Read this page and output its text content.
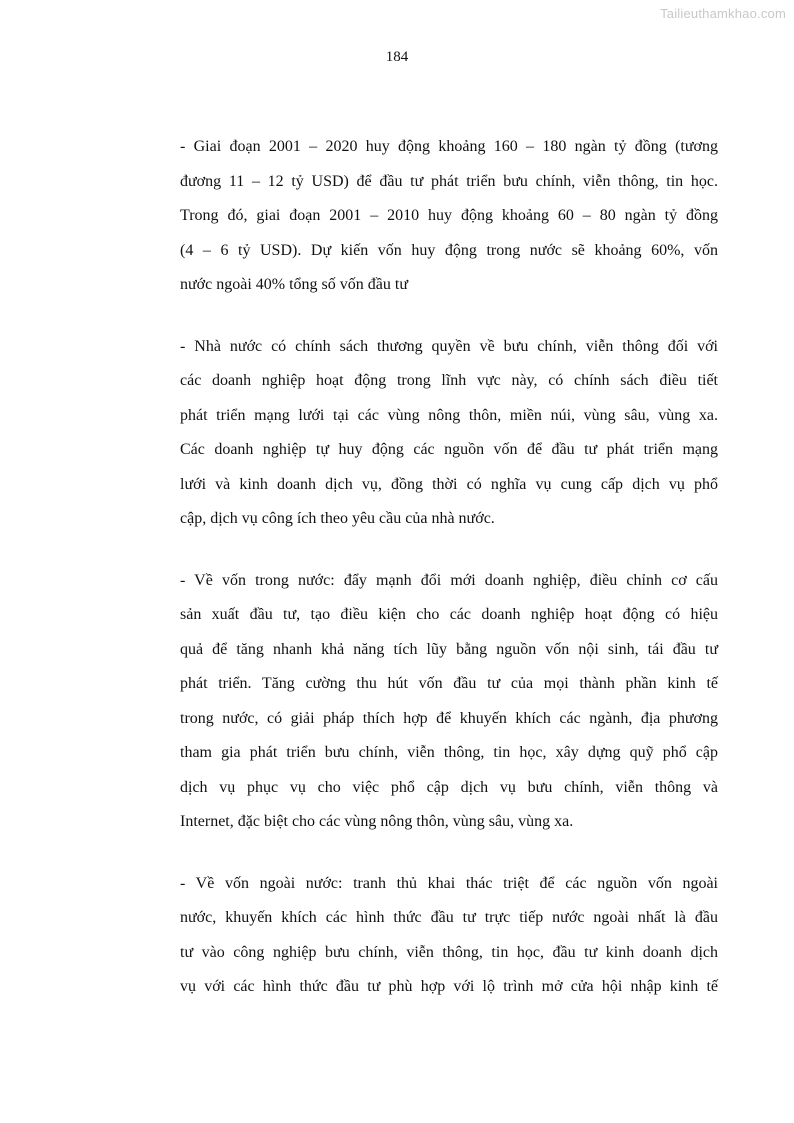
Tailieuthamkhao.com
184

- Giai đoạn 2001 – 2020 huy động khoảng 160 – 180 ngàn tỷ đồng (tương
đương 11 – 12 tỷ USD) để đầu tư phát triển bưu chính, viễn thông, tin học.
Trong đó, giai đoạn 2001 – 2010 huy động khoảng 60 – 80 ngàn tỷ đồng
(4 – 6 tỷ USD). Dự kiến vốn huy động trong nước sẽ khoảng 60%, vốn
nước ngoài 40% tổng số vốn đầu tư

- Nhà nước có chính sách thương quyền về bưu chính, viễn thông đối với
các doanh nghiệp hoạt động trong lĩnh vực này, có chính sách điều tiết
phát triển mạng lưới tại các vùng nông thôn, miền núi, vùng sâu, vùng xa.
Các doanh nghiệp tự huy động các nguồn vốn để đầu tư phát triển mạng
lưới và kinh doanh dịch vụ, đồng thời có nghĩa vụ cung cấp dịch vụ phổ
cập, dịch vụ công ích theo yêu cầu của nhà nước.

- Về vốn trong nước: đẩy mạnh đổi mới doanh nghiệp, điều chỉnh cơ cấu
sản xuất đầu tư, tạo điều kiện cho các doanh nghiệp hoạt động có hiệu
quả để tăng nhanh khả năng tích lũy bằng nguồn vốn nội sinh, tái đầu tư
phát triển. Tăng cường thu hút vốn đầu tư của mọi thành phần kinh tế
trong nước, có giải pháp thích hợp để khuyến khích các ngành, địa phương
tham gia phát triển bưu chính, viễn thông, tin học, xây dựng quỹ phổ cập
dịch vụ phục vụ cho việc phổ cập dịch vụ bưu chính, viễn thông và
Internet, đặc biệt cho các vùng nông thôn, vùng sâu, vùng xa.

- Về vốn ngoài nước: tranh thủ khai thác triệt để các nguồn vốn ngoài
nước, khuyến khích các hình thức đầu tư trực tiếp nước ngoài nhất là đầu
tư vào công nghiệp bưu chính, viễn thông, tin học, đầu tư kinh doanh dịch
vụ với các hình thức đầu tư phù hợp với lộ trình mở cửa hội nhập kinh tế
